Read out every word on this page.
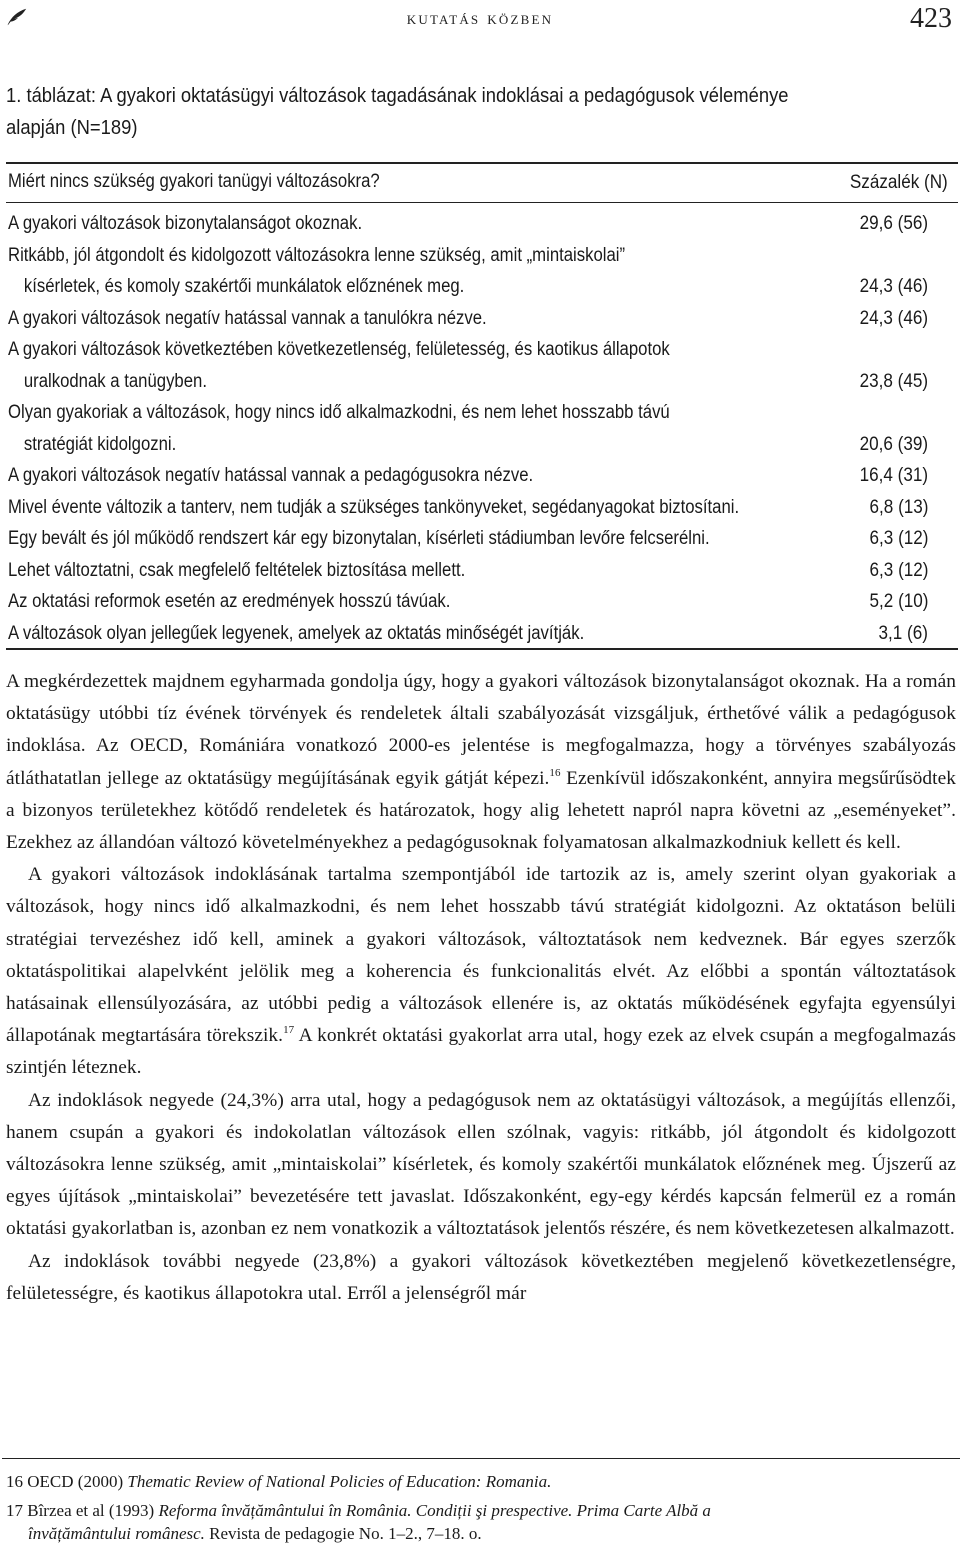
kutatás közben	423
1. táblázat: A gyakori oktatásügyi változások tagadásának indoklásai a pedagógusok véleménye
alapján (N=189)
Miért nincs szükség gyakori tanügyi változásokra?	Százalék (N)
A gyakori változások bizonytalanságot okoznak.	29,6 (56)
Ritkább, jól átgondolt és kidolgozott változásokra lenne szükség, amit „mintaiskolai”
kísérletek, és komoly szakértői munkálatok előznének meg.	24,3 (46)
A gyakori változások negatív hatással vannak a tanulókra nézve.	24,3 (46)
A gyakori változások következtében következetlenség, felületesség, és kaotikus állapotok
uralkodnak a tanügyben.	23,8 (45)
Olyan gyakoriak a változások, hogy nincs idő alkalmazkodni, és nem lehet hosszabb távú
stratégiát kidolgozni.	20,6 (39)
A gyakori változások negatív hatással vannak a pedagógusokra nézve.	16,4 (31)
Mivel évente változik a tanterv, nem tudják a szükséges tankönyveket, segédanyagokat biztosítani.	6,8 (13)
Egy bevált és jól működő rendszert kár egy bizonytalan, kísérleti stádiumban levőre felcserélni.	6,3 (12)
Lehet változtatni, csak megfelelő feltételek biztosítása mellett.	6,3 (12)
Az oktatási reformok esetén az eredmények hosszú távúak.	5,2 (10)
A változások olyan jellegűek legyenek, amelyek az oktatás minőségét javítják.	3,1 (6)

A megkérdezettek majdnem egyharmada gondolja úgy, hogy a gyakori változások bizonytalanságot okoznak. Ha a román oktatásügy utóbbi tíz évének törvények és rendeletek általi szabályozását vizsgáljuk, érthetővé válik a pedagógusok indoklása. Az OECD, Romániára vonatkozó 2000-es jelentése is megfogalmazza, hogy a törvényes szabályozás átláthatatlan jellege az oktatásügy megújításának egyik gátját képezi.$^{16}$ Ezenkívül időszakonként, annyira megsűrűsödtek a bizonyos területekhez kötődő rendeletek és határozatok, hogy alig lehetett napról napra követni az „eseményeket”. Ezekhez az állandóan változó követelményekhez a pedagógusoknak folyamatosan alkalmazkodniuk kellett és kell.

A gyakori változások indoklásának tartalma szempontjából ide tartozik az is, amely szerint olyan gyakoriak a változások, hogy nincs idő alkalmazkodni, és nem lehet hosszabb távú stratégiát kidolgozni. Az oktatáson belüli stratégiai tervezéshez idő kell, aminek a gyakori változások, változtatások nem kedveznek. Bár egyes szerzők oktatáspolitikai alapelvként jelölik meg a koherencia és funkcionalitás elvét. Az előbbi a spontán változtatások hatásainak ellensúlyozására, az utóbbi pedig a változások ellenére is, az oktatás működésének egyfajta egyensúlyi állapotának megtartására törekszik.$^{17}$ A konkrét oktatási gyakorlat arra utal, hogy ezek az elvek csupán a megfogalmazás szintjén léteznek.

Az indoklások negyede (24,3%) arra utal, hogy a pedagógusok nem az oktatásügyi változások, a megújítás ellenzői, hanem csupán a gyakori és indokolatlan változások ellen szólnak, vagyis: ritkább, jól átgondolt és kidolgozott változásokra lenne szükség, amit „mintaiskolai” kísérletek, és komoly szakértői munkálatok előznének meg. Újszerű az egyes újítások „mintaiskolai” bevezetésére tett javaslat. Időszakonként, egy-egy kérdés kapcsán felmerül ez a román oktatási gyakorlatban is, azonban ez nem vonatkozik a változtatások jelentős részére, és nem következetesen alkalmazott.

Az indoklások további negyede (23,8%) a gyakori változások következtében megjelenő következetlenségre, felületességre, és kaotikus állapotokra utal. Erről a jelenségről már

16 OECD (2000) Thematic Review of National Policies of Education: Romania.
17 Bîrzea et al (1993) Reforma învățământului în România. Condiții şi prespective. Prima Carte Albă a
învățământului românesc. Revista de pedagogie No. 1–2., 7–18. o.
